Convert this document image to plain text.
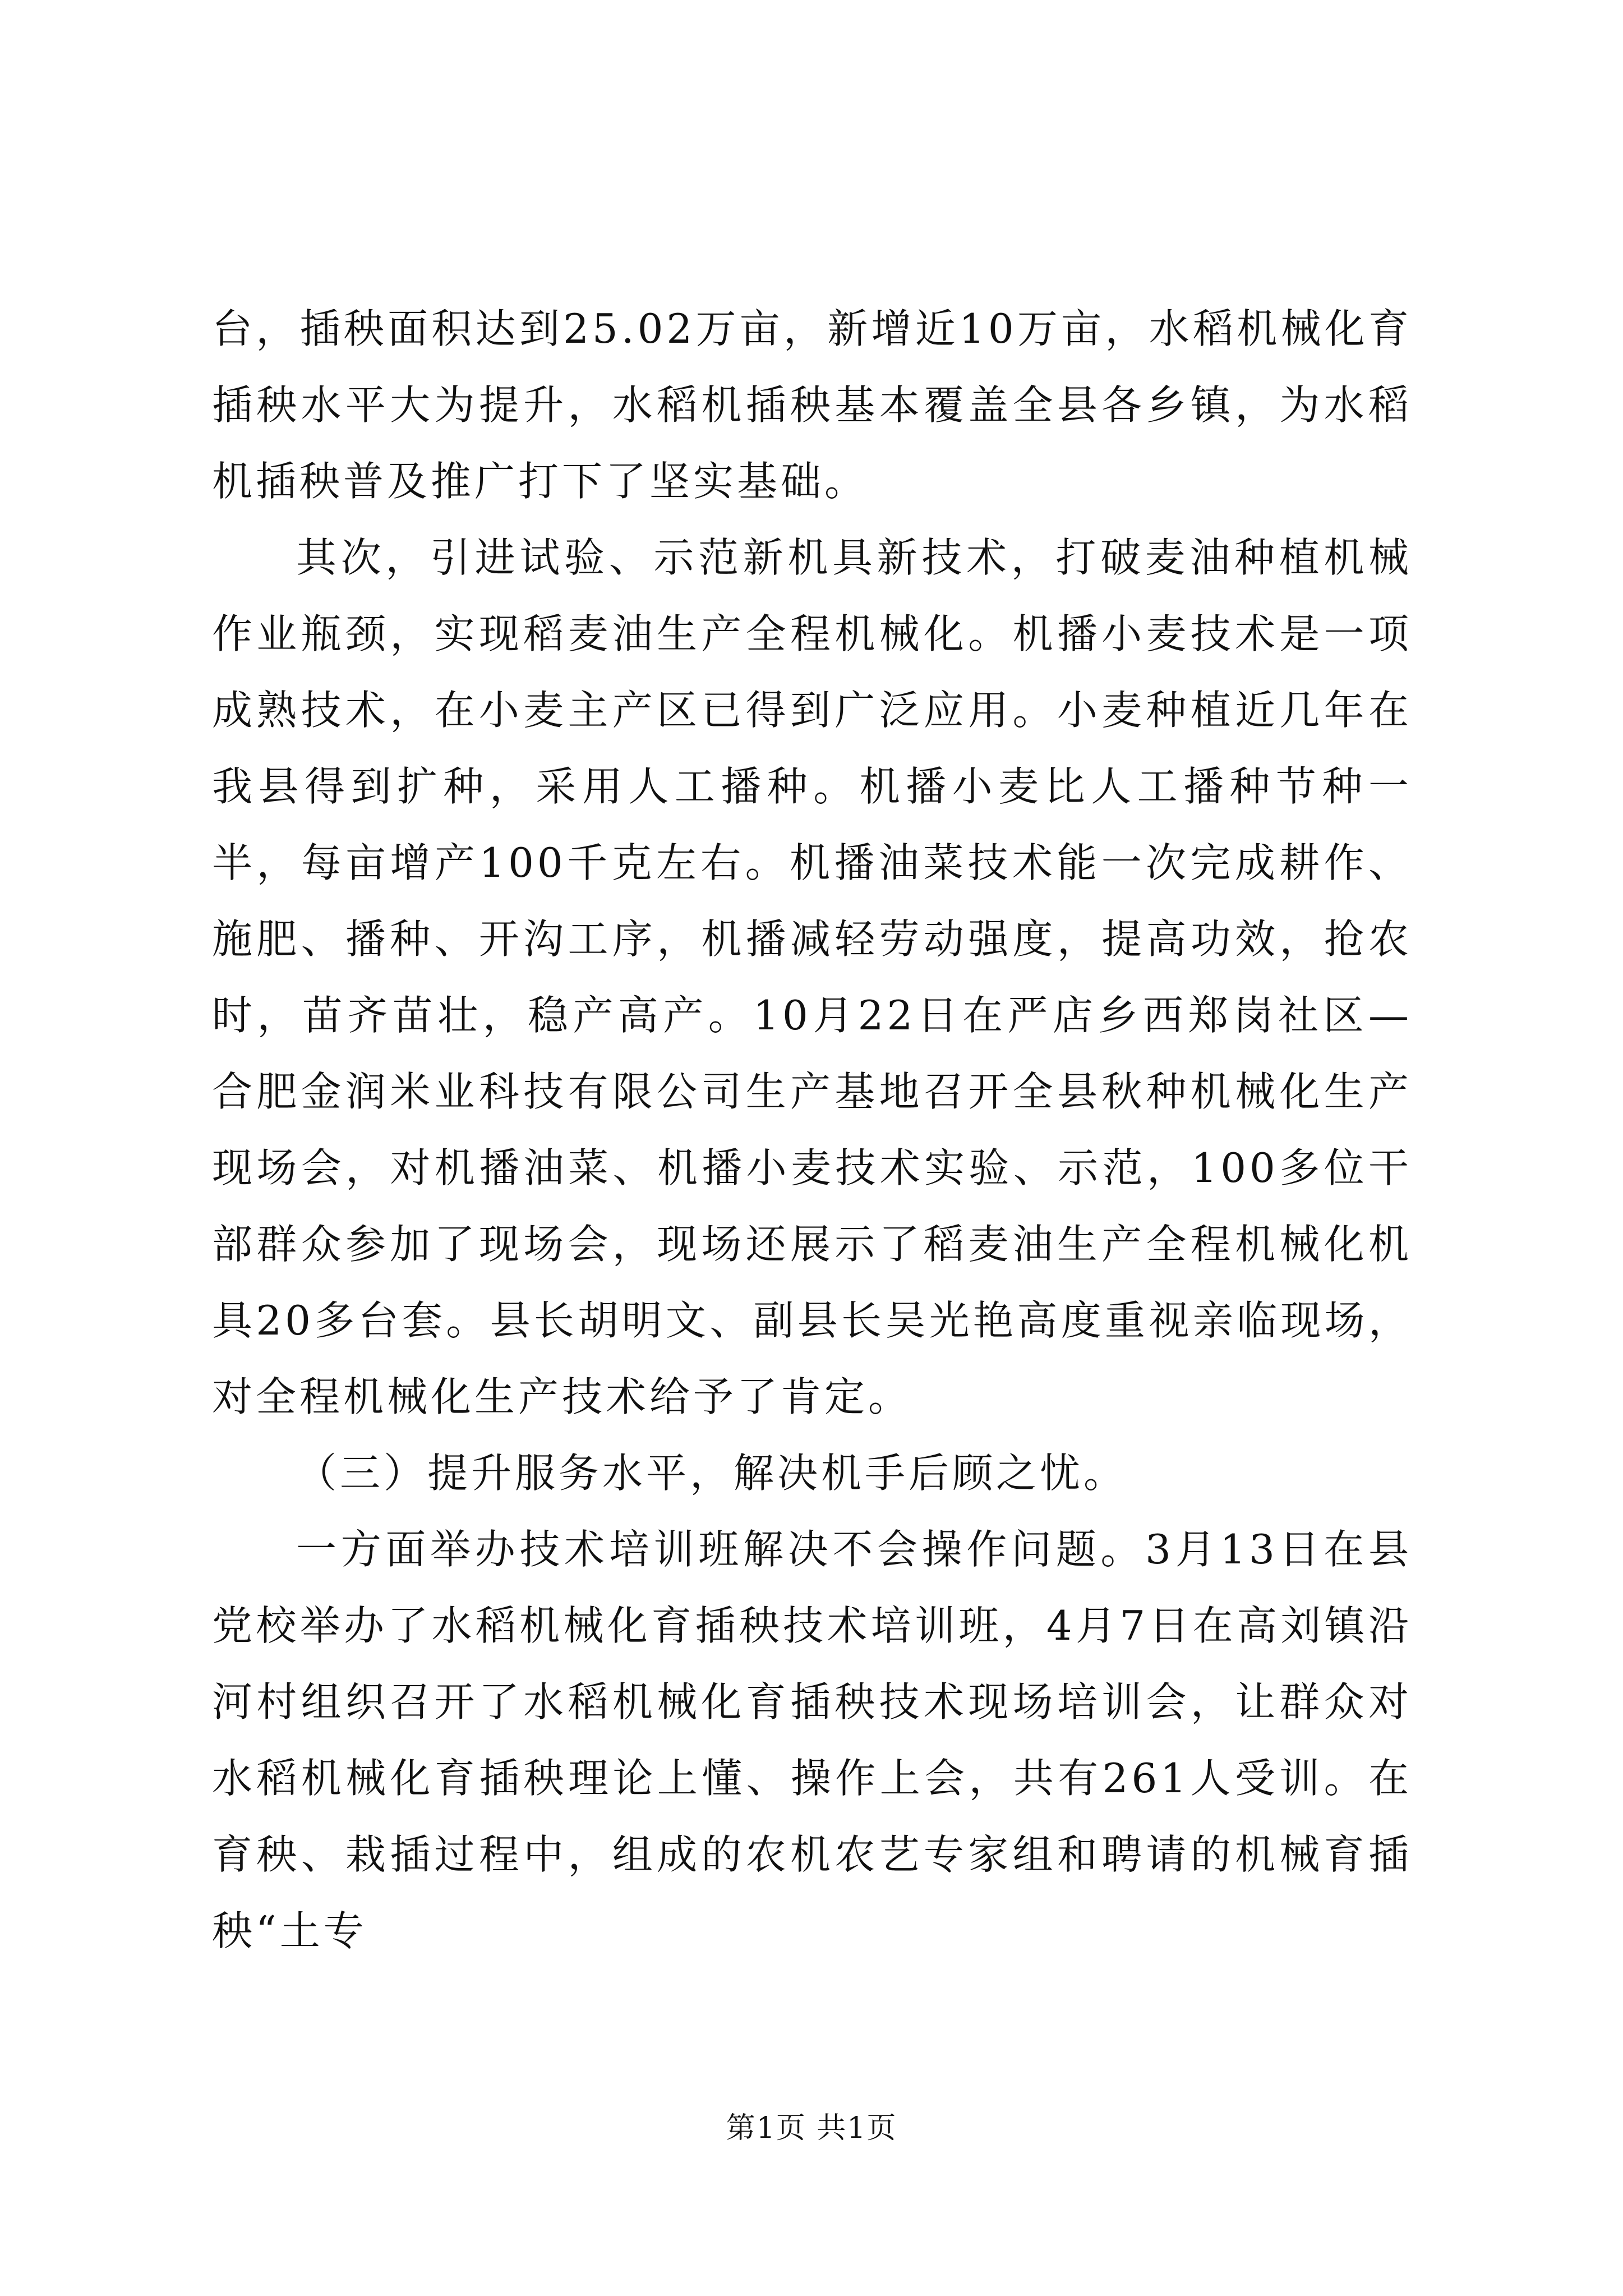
台，插秧面积达到25.02万亩，新增近10万亩，水稻机械化育插秧水平大为提升，水稻机插秧基本覆盖全县各乡镇，为水稻机插秧普及推广打下了坚实基础。

其次，引进试验、示范新机具新技术，打破麦油种植机械作业瓶颈，实现稻麦油生产全程机械化。机播小麦技术是一项成熟技术，在小麦主产区已得到广泛应用。小麦种植近几年在我县得到扩种，采用人工播种。机播小麦比人工播种节种一半，每亩增产100千克左右。机播油菜技术能一次完成耕作、施肥、播种、开沟工序，机播减轻劳动强度，提高功效，抢农时，苗齐苗壮，稳产高产。10月22日在严店乡西郑岗社区—合肥金润米业科技有限公司生产基地召开全县秋种机械化生产现场会，对机播油菜、机播小麦技术实验、示范，100多位干部群众参加了现场会，现场还展示了稻麦油生产全程机械化机具20多台套。县长胡明文、副县长吴光艳高度重视亲临现场，对全程机械化生产技术给予了肯定。

（三）提升服务水平，解决机手后顾之忧。

一方面举办技术培训班解决不会操作问题。3月13日在县党校举办了水稻机械化育插秧技术培训班，4月7日在高刘镇沿河村组织召开了水稻机械化育插秧技术现场培训会，让群众对水稻机械化育插秧理论上懂、操作上会，共有261人受训。在育秧、栽插过程中，组成的农机农艺专家组和聘请的机械育插秧“土专

第1页 共1页
